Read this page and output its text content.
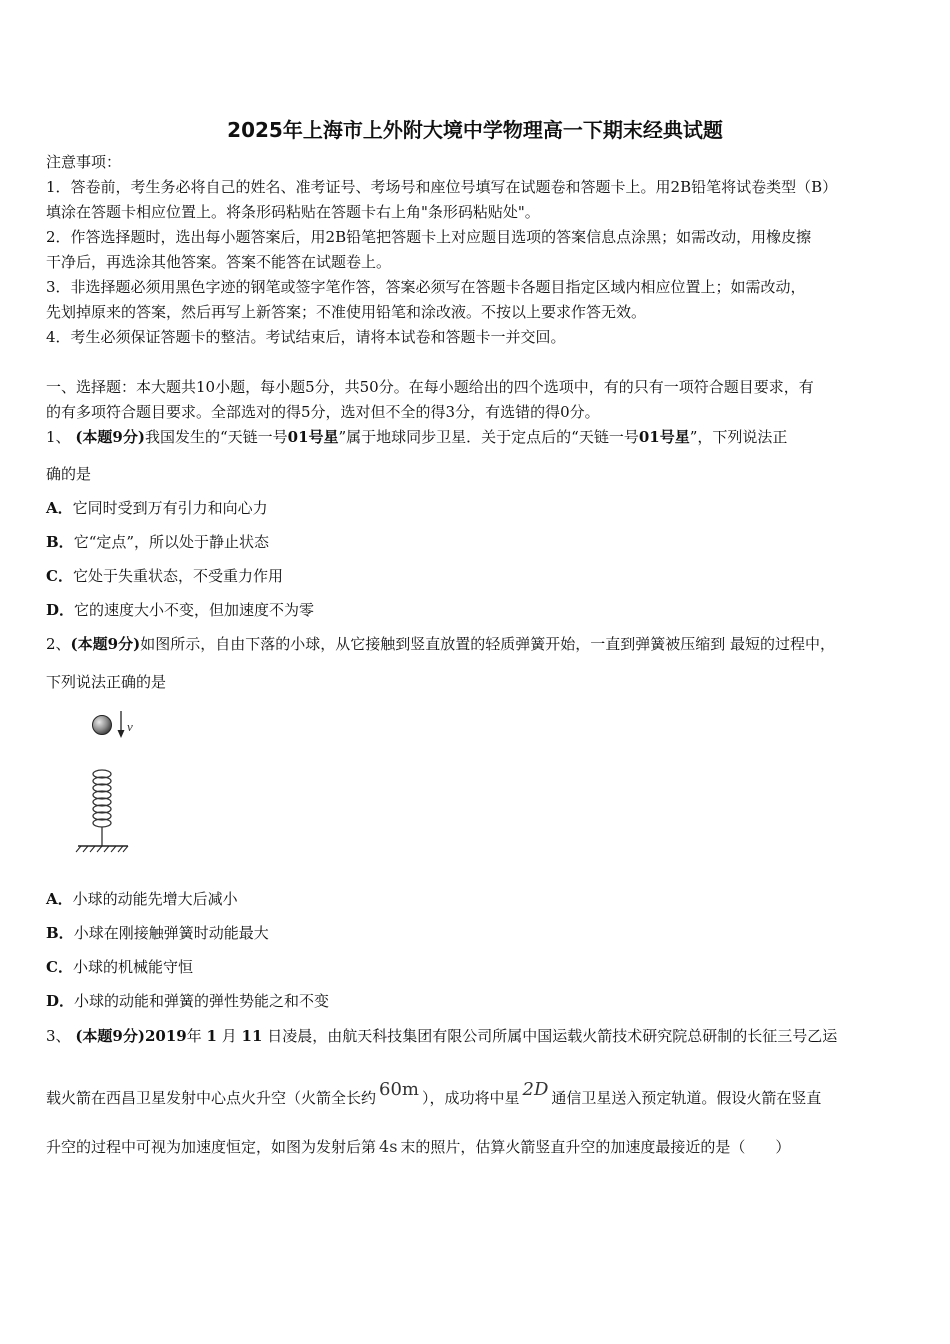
2025年上海市上外附大境中学物理高一下期末经典试题
注意事项：
1．答卷前，考生务必将自己的姓名、准考证号、考场号和座位号填写在试题卷和答题卡上。用2B铅笔将试卷类型（B）
填涂在答题卡相应位置上。将条形码粘贴在答题卡右上角"条形码粘贴处"。
2．作答选择题时，选出每小题答案后，用2B铅笔把答题卡上对应题目选项的答案信息点涂黑；如需改动，用橡皮擦
干净后，再选涂其他答案。答案不能答在试题卷上。
3．非选择题必须用黑色字迹的钢笔或签字笔作答，答案必须写在答题卡各题目指定区域内相应位置上；如需改动，
先划掉原来的答案，然后再写上新答案；不准使用铅笔和涂改液。不按以上要求作答无效。
4．考生必须保证答题卡的整洁。考试结束后，请将本试卷和答题卡一并交回。
一、选择题：本大题共10小题，每小题5分，共50分。在每小题给出的四个选项中，有的只有一项符合题目要求，有
的有多项符合题目要求。全部选对的得5分，选对但不全的得3分，有选错的得0分。
1、 (本题9分)我国发生的“天链一号01号星”属于地球同步卫星．关于定点后的“天链一号01号星”，下列说法正
确的是
A．它同时受到万有引力和向心力
B．它“定点”，所以处于静止状态
C．它处于失重状态，不受重力作用
D．它的速度大小不变，但加速度不为零
2、(本题9分)如图所示，自由下落的小球，从它接触到竖直放置的轻质弹簧开始，一直到弹簧被压缩到 最短的过程中，
下列说法正确的是
v
A．小球的动能先增大后减小
B．小球在刚接触弹簧时动能最大
C．小球的机械能守恒
D．小球的动能和弹簧的弹性势能之和不变
3、 (本题9分)2019年 1 月 11 日凌晨，由航天科技集团有限公司所属中国运载火箭技术研究院总研制的长征三号乙运
载火箭在西昌卫星发射中心点火升空（火箭全长约 60m ），成功将中星 2D 通信卫星送入预定轨道。假设火箭在竖直
升空的过程中可视为加速度恒定，如图为发射后第 4s 末的照片，估算火箭竖直升空的加速度最接近的是（　　）
